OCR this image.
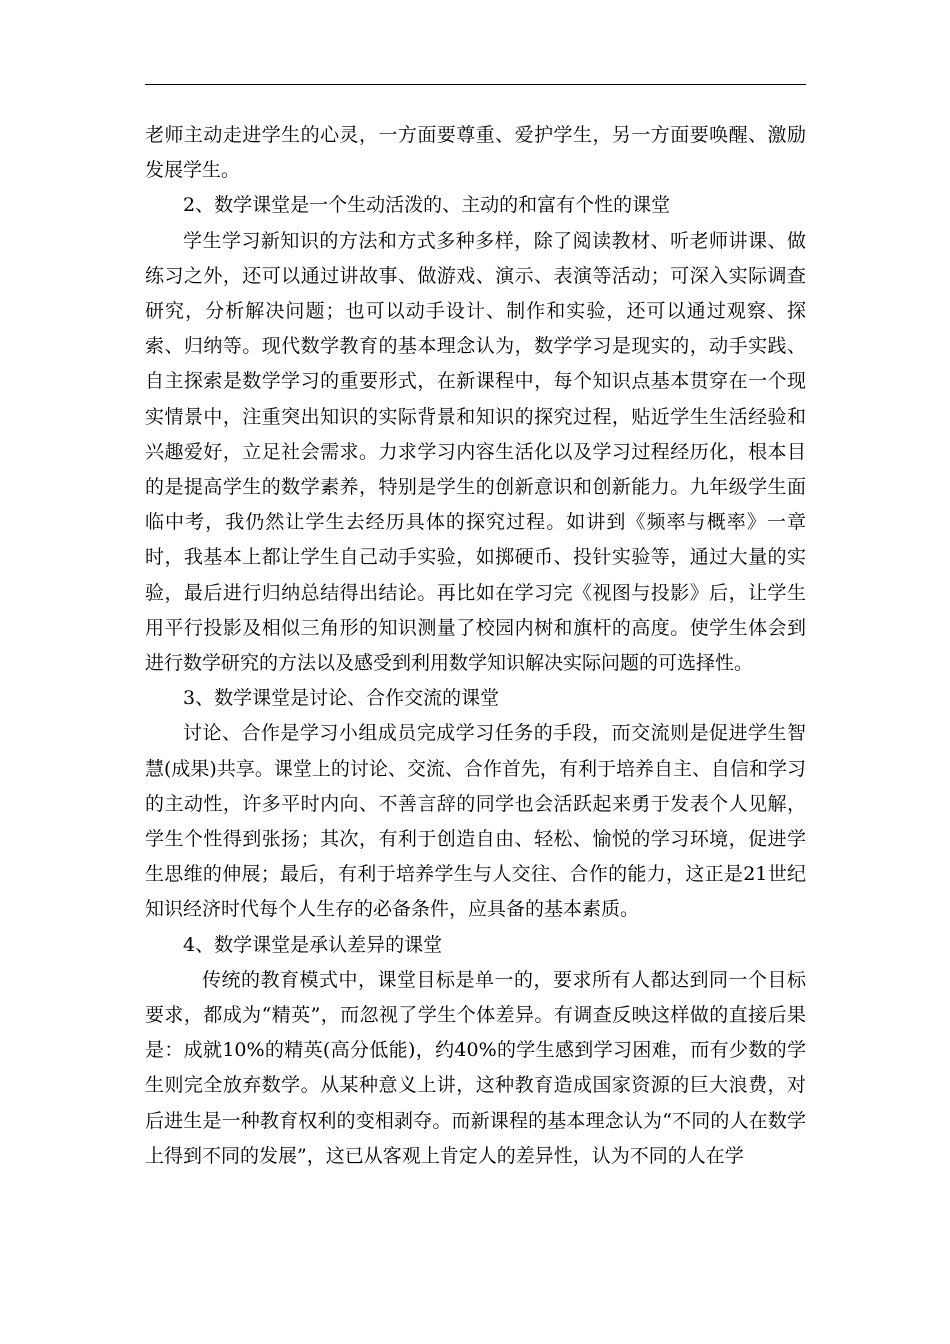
老师主动走进学生的心灵，一方面要尊重、爱护学生，另一方面要唤醒、激励发展学生。

2、数学课堂是一个生动活泼的、主动的和富有个性的课堂

学生学习新知识的方法和方式多种多样，除了阅读教材、听老师讲课、做练习之外，还可以通过讲故事、做游戏、演示、表演等活动；可深入实际调查研究，分析解决问题；也可以动手设计、制作和实验，还可以通过观察、探索、归纳等。现代数学教育的基本理念认为，数学学习是现实的，动手实践、自主探索是数学学习的重要形式，在新课程中，每个知识点基本贯穿在一个现实情景中，注重突出知识的实际背景和知识的探究过程，贴近学生生活经验和兴趣爱好，立足社会需求。力求学习内容生活化以及学习过程经历化，根本目的是提高学生的数学素养，特别是学生的创新意识和创新能力。九年级学生面临中考，我仍然让学生去经历具体的探究过程。如讲到《频率与概率》一章时，我基本上都让学生自己动手实验，如掷硬币、投针实验等，通过大量的实验，最后进行归纳总结得出结论。再比如在学习完《视图与投影》后，让学生用平行投影及相似三角形的知识测量了校园内树和旗杆的高度。使学生体会到进行数学研究的方法以及感受到利用数学知识解决实际问题的可选择性。

3、数学课堂是讨论、合作交流的课堂

讨论、合作是学习小组成员完成学习任务的手段，而交流则是促进学生智慧(成果)共享。课堂上的讨论、交流、合作首先，有利于培养自主、自信和学习的主动性，许多平时内向、不善言辞的同学也会活跃起来勇于发表个人见解，学生个性得到张扬；其次，有利于创造自由、轻松、愉悦的学习环境，促进学生思维的伸展；最后，有利于培养学生与人交往、合作的能力，这正是21世纪知识经济时代每个人生存的必备条件，应具备的基本素质。

4、数学课堂是承认差异的课堂

传统的教育模式中，课堂目标是单一的，要求所有人都达到同一个目标要求，都成为“精英”，而忽视了学生个体差异。有调查反映这样做的直接后果是：成就10%的精英(高分低能)，约40%的学生感到学习困难，而有少数的学生则完全放弃数学。从某种意义上讲，这种教育造成国家资源的巨大浪费，对后进生是一种教育权利的变相剥夺。而新课程的基本理念认为“不同的人在数学上得到不同的发展”，这已从客观上肯定人的差异性，认为不同的人在学
